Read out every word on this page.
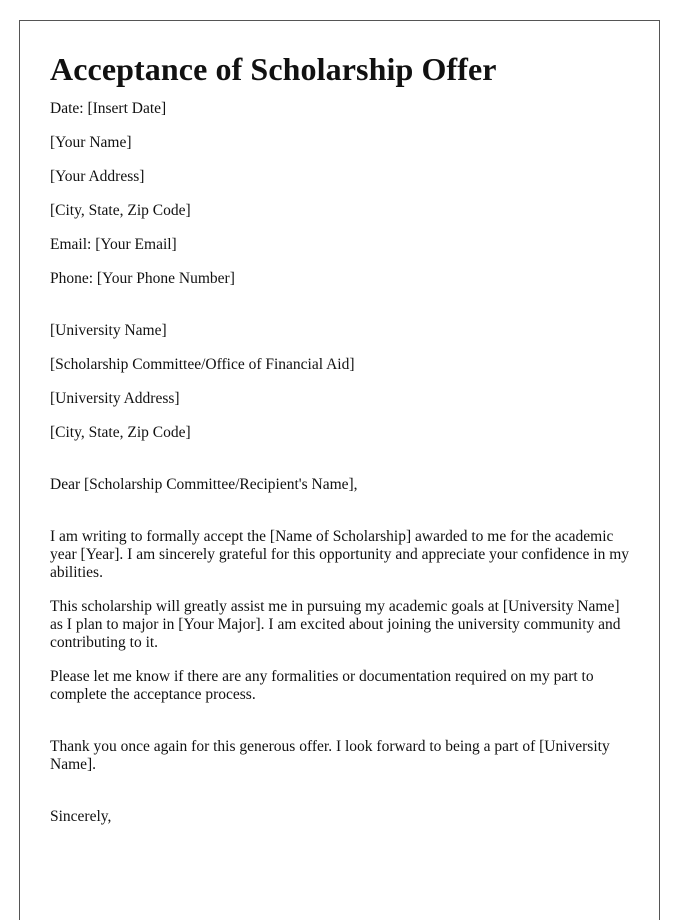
Acceptance of Scholarship Offer

Date: [Insert Date]

[Your Name]

[Your Address]

[City, State, Zip Code]

Email: [Your Email]

Phone: [Your Phone Number]

[University Name]

[Scholarship Committee/Office of Financial Aid]

[University Address]

[City, State, Zip Code]

Dear [Scholarship Committee/Recipient's Name],

I am writing to formally accept the [Name of Scholarship] awarded to me for the academic year [Year]. I am sincerely grateful for this opportunity and appreciate your confidence in my abilities.

This scholarship will greatly assist me in pursuing my academic goals at [University Name] as I plan to major in [Your Major]. I am excited about joining the university community and contributing to it.

Please let me know if there are any formalities or documentation required on my part to complete the acceptance process.

Thank you once again for this generous offer. I look forward to being a part of [University Name].

Sincerely,
